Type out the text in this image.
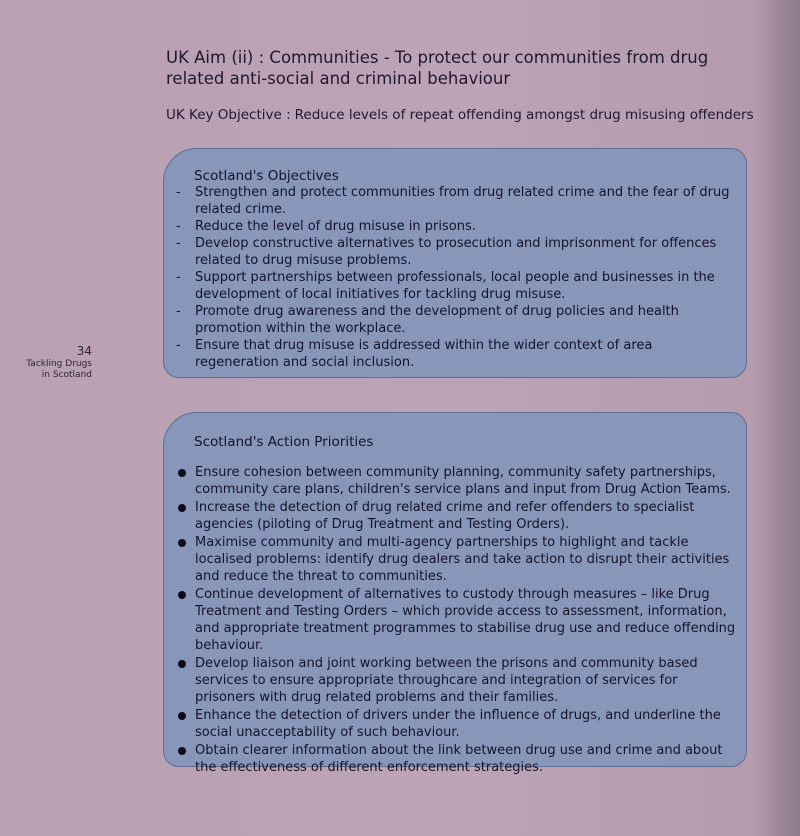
UK Aim (ii) : Communities - To protect our communities from drug related anti-social and criminal behaviour
UK Key Objective : Reduce levels of repeat offending amongst drug misusing offenders
34
Tackling Drugs
in Scotland
Scotland's Objectives
- Strengthen and protect communities from drug related crime and the fear of drug related crime.
- Reduce the level of drug misuse in prisons.
- Develop constructive alternatives to prosecution and imprisonment for offences related to drug misuse problems.
- Support partnerships between professionals, local people and businesses in the development of local initiatives for tackling drug misuse.
- Promote drug awareness and the development of drug policies and health promotion within the workplace.
- Ensure that drug misuse is addressed within the wider context of area regeneration and social inclusion.
Scotland's Action Priorities
Ensure cohesion between community planning, community safety partnerships, community care plans, children's service plans and input from Drug Action Teams.
Increase the detection of drug related crime and refer offenders to specialist agencies (piloting of Drug Treatment and Testing Orders).
Maximise community and multi-agency partnerships to highlight and tackle localised problems: identify drug dealers and take action to disrupt their activities and reduce the threat to communities.
Continue development of alternatives to custody through measures – like Drug Treatment and Testing Orders – which provide access to assessment, information, and appropriate treatment programmes to stabilise drug use and reduce offending behaviour.
Develop liaison and joint working between the prisons and community based services to ensure appropriate throughcare and integration of services for prisoners with drug related problems and their families.
Enhance the detection of drivers under the influence of drugs, and underline the social unacceptability of such behaviour.
Obtain clearer information about the link between drug use and crime and about the effectiveness of different enforcement strategies.
